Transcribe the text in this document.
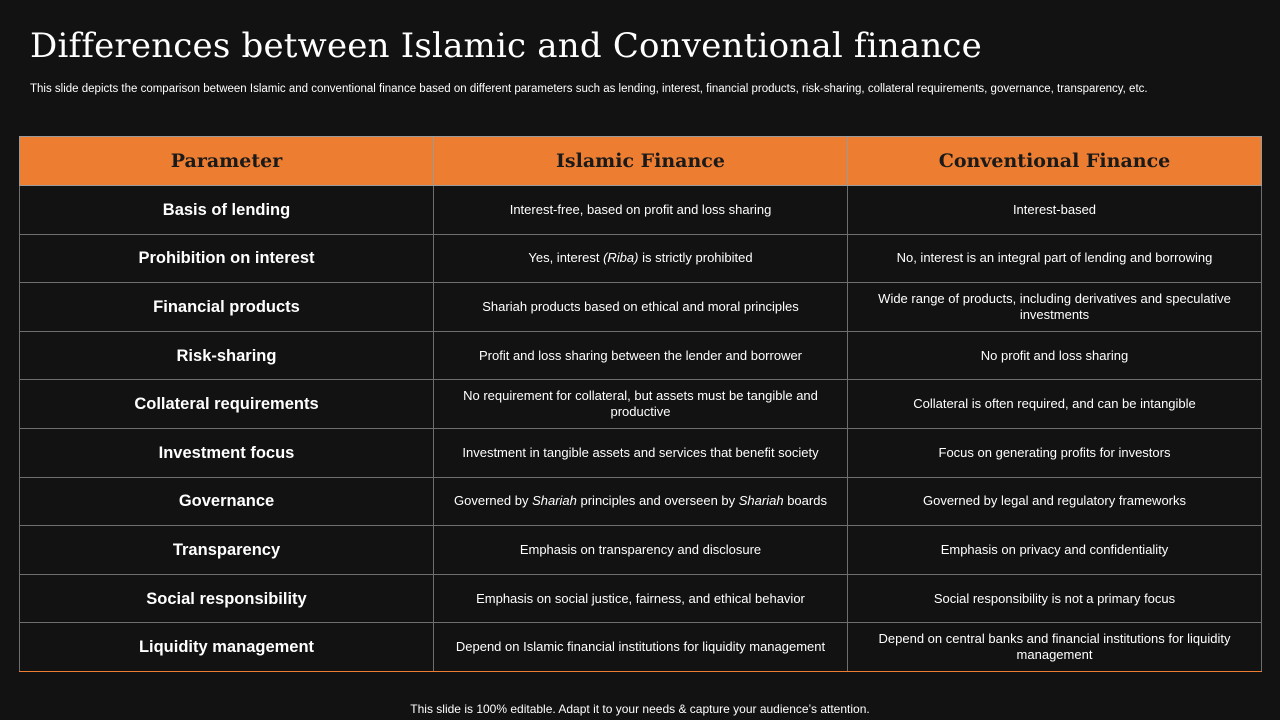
Differences between Islamic and Conventional finance

This slide depicts the comparison between Islamic and conventional finance based on different parameters such as lending, interest, financial products, risk-sharing, collateral requirements, governance, transparency, etc.

Parameter	Islamic Finance	Conventional Finance
Basis of lending	Interest-free, based on profit and loss sharing	Interest-based
Prohibition on interest	Yes, interest (Riba) is strictly prohibited	No, interest is an integral part of lending and borrowing
Financial products	Shariah products based on ethical and moral principles	Wide range of products, including derivatives and speculative investments
Risk-sharing	Profit and loss sharing between the lender and borrower	No profit and loss sharing
Collateral requirements	No requirement for collateral, but assets must be tangible and productive	Collateral is often required, and can be intangible
Investment focus	Investment in tangible assets and services that benefit society	Focus on generating profits for investors
Governance	Governed by Shariah principles and overseen by Shariah boards	Governed by legal and regulatory frameworks
Transparency	Emphasis on transparency and disclosure	Emphasis on privacy and confidentiality
Social responsibility	Emphasis on social justice, fairness, and ethical behavior	Social responsibility is not a primary focus
Liquidity management	Depend on Islamic financial institutions for liquidity management	Depend on central banks and financial institutions for liquidity management

This slide is 100% editable. Adapt it to your needs & capture your audience’s attention.
